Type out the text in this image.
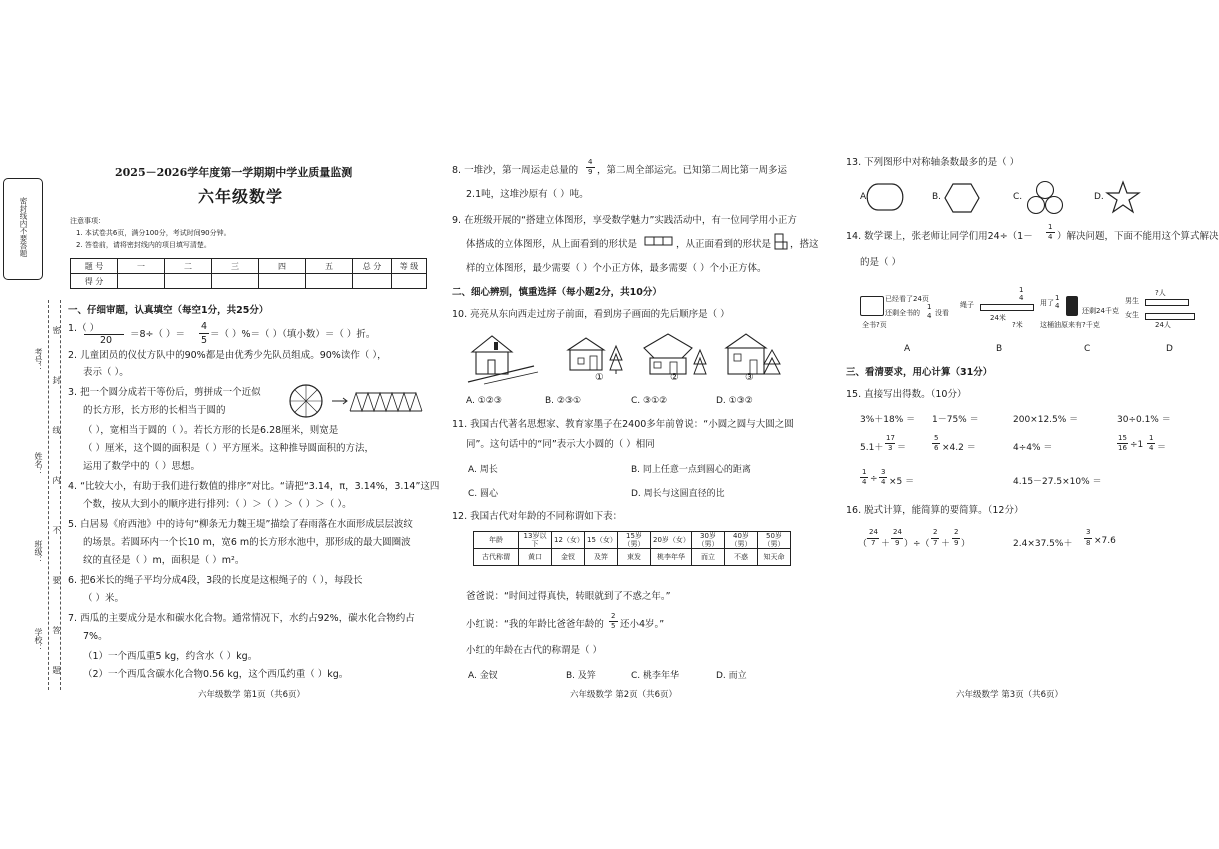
密封线内不要答题
考号：
姓名：
班级：
学校：
密
封
线
内
不
要
答
题
2025－2026学年度第一学期期中学业质量监测
六年级数学
注意事项：
1. 本试卷共6页，满分100分，考试时间90分钟。
2. 答卷前，请将密封线内的项目填写清楚。
题 号	一	二	三	四	五	总 分	等 级
得 分							
一、仔细审题，认真填空（每空1分，共25分）
1.（ ）
20
＝8÷（ ）＝
4
5
＝（ ）%＝（ ）（填小数）＝（ ）折。
2. 儿童团员的仪仗方队中的90%都是由优秀少先队员组成。90%读作（ ），
表示（ ）。
3. 把一个圆分成若干等份后，剪拼成一个近似
的长方形，长方形的长相当于圆的
（ ），宽相当于圆的（ ）。若长方形的长是6.28厘米，则宽是
（ ）厘米，这个圆的面积是（ ）平方厘米。这种推导圆面积的方法，
运用了数学中的（ ）思想。
4. “比较大小，有助于我们进行数值的排序”对比。“请把“3.14，π，3.14%，3.14”这四
个数，按从大到小的顺序进行排列：（ ）＞（ ）＞（ ）＞（ ）。
5. 白居易《府西池》中的诗句“柳条无力魏王堤”描绘了春雨落在水面形成层层波纹
的场景。若圆环内一个长10 m，宽6 m的长方形水池中，那形成的最大圆圈波
纹的直径是（ ）m，面积是（ ）m²。
6. 把6米长的绳子平均分成4段，3段的长度是这根绳子的（ ），每段长
（ ）米。
7. 西瓜的主要成分是水和碳水化合物。通常情况下，水约占92%，碳水化合物约占
7%。
（1）一个西瓜重5 kg，约含水（ ）kg。
（2）一个西瓜含碳水化合物0.56 kg，这个西瓜约重（ ）kg。
六年级数学 第1页（共6页）
8. 一堆沙，第一周运走总量的
4
9 ，第二周全部运完。已知第二周比第一周多运
2.1吨，这堆沙原有（ ）吨。
9. 在班级开展的“搭建立体图形，享受数学魅力”实践活动中，有一位同学用小正方
体搭成的立体图形，从上面看到的形状是	，从正面看到的形状是 ，搭这
样的立体图形，最少需要（ ）个小正方体，最多需要（ ）个小正方体。
二、细心辨别，慎重选择（每小题2分，共10分）
10. 亮亮从东向西走过房子前面，看到房子画面的先后顺序是（ ）
①	②	③
A. ①②③	B. ②③①	C. ③①②	D. ①③②
11. 我国古代著名思想家、教育家墨子在2400多年前曾说：“小圆之圆与大圆之圆
同”。这句话中的“同”表示大小圆的（ ）相同
A. 周长	B. 同上任意一点到圆心的距离
C. 圆心	D. 周长与这圆直径的比
12. 我国古代对年龄的不同称谓如下表：
年龄	13岁以下	12（女）	15（女）	15岁（男）	20岁（女）	30岁（男）	40岁（男）	50岁（男）
古代称谓	黄口	金钗	及笄	束发	桃李年华	而立	不惑	知天命
爸爸说：“时间过得真快，转眼就到了不惑之年。”
小红说：“我的年龄比爸爸年龄的
2
5 还小4岁。”
小红的年龄在古代的称谓是（ ）
A. 金钗	B. 及笄	C. 桃李年华	D. 而立
六年级数学 第2页（共6页）
13. 下列图形中对称轴条数最多的是（ ）
A.	B.	C.	D.
14. 数学课上，张老师让同学们用24÷（1－
1
4 ）解决问题，下面不能用这个算式解决
的是（ ）
已经看了24页
还剩全书的
1
4 没看
全书?页
绳子
1
4
24米
?米
用了
1
4
还剩24千克
这桶油原来有?千克
男生
女生
?人
24人
A	B	C	D
三、看清要求，用心计算（31分）
15. 直接写出得数。（10分）
3%＋18% ＝ 1－75% ＝	200×12.5% ＝	30÷0.1% ＝
5.1＋
17
3 ＝
5
6 ×4.2 ＝	4÷4% ＝
15
16 ÷1
1
4 ＝
1
4 ÷
3
4 ×5 ＝	4.15－27.5×10% ＝
16. 脱式计算，能简算的要简算。（12分）
（
24
7 ＋
24
9 ）÷（
2
7 ＋
2
9 ）	2.4×37.5%＋
3
8 ×7.6
六年级数学 第3页（共6页）
